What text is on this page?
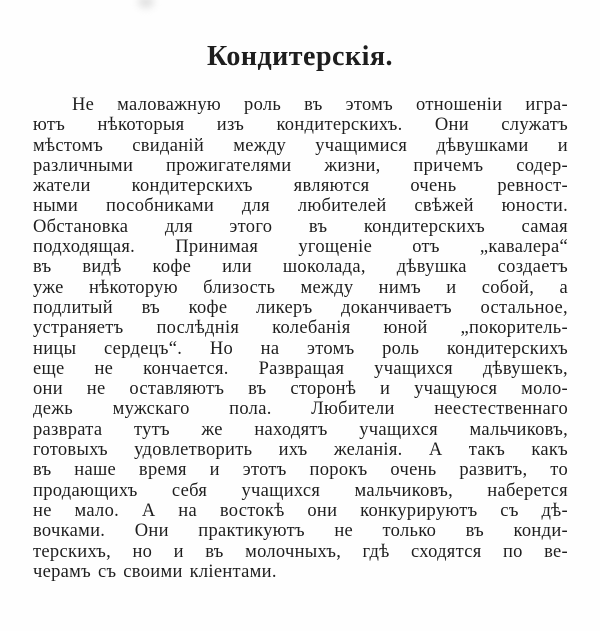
Кондитерскія.
Не маловажную роль въ этомъ отношеніи игра-
ютъ нѣкоторыя изъ кондитерскихъ. Они служатъ
мѣстомъ свиданій между учащимися дѣвушками и
различными прожигателями жизни, причемъ содер-
жатели кондитерскихъ являются очень ревност-
ными пособниками для любителей свѣжей юности.
Обстановка для этого въ кондитерскихъ самая
подходящая. Принимая угощеніе отъ „кавалера“
въ видѣ кофе или шоколада, дѣвушка создаетъ
уже нѣкоторую близость между нимъ и собой, а
подлитый въ кофе ликеръ доканчиваетъ остальное,
устраняетъ послѣднія колебанія юной „покоритель-
ницы сердецъ“. Но на этомъ роль кондитерскихъ
еще не кончается. Развращая учащихся дѣвушекъ,
они не оставляютъ въ сторонѣ и учащуюся моло-
дежь мужскаго пола. Любители неестественнаго
разврата тутъ же находятъ учащихся мальчиковъ,
готовыхъ удовлетворить ихъ желанія. А такъ какъ
въ наше время и этотъ порокъ очень развитъ, то
продающихъ себя учащихся мальчиковъ, наберется
не мало. А на востокѣ они конкурируютъ съ дѣ-
вочками. Они практикуютъ не только въ конди-
терскихъ, но и въ молочныхъ, гдѣ сходятся по ве-
черамъ съ своими кліентами.
